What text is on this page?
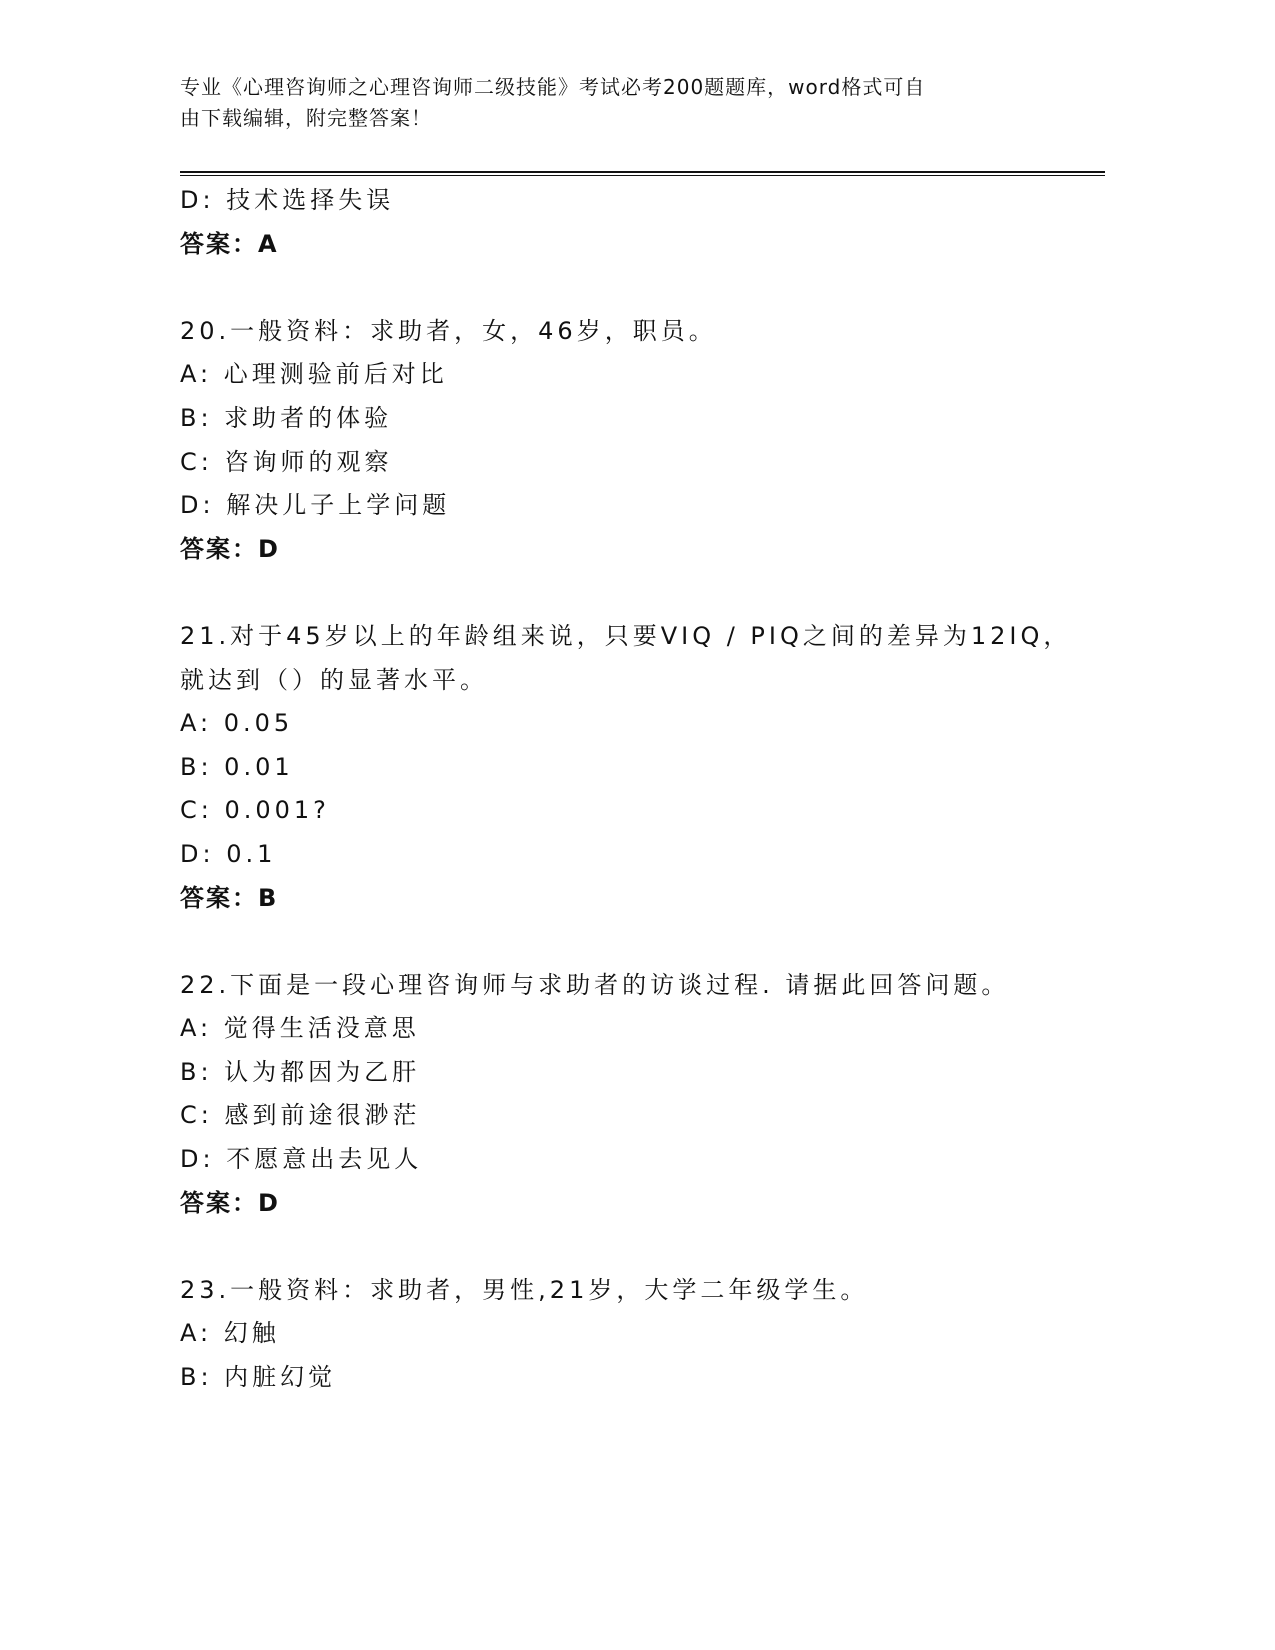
专业《心理咨询师之心理咨询师二级技能》考试必考200题题库，word格式可自
由下载编辑，附完整答案！
D: 技术选择失误
答案：A
20.一般资料：求助者，女，46岁，职员。
A: 心理测验前后对比
B: 求助者的体验
C: 咨询师的观察
D: 解决儿子上学问题
答案：D
21.对于45岁以上的年龄组来说，只要VIQ / PIQ之间的差异为12IQ，
就达到（）的显著水平。
A: 0.05
B: 0.01
C: 0.001?
D: 0.1
答案：B
22.下面是一段心理咨询师与求助者的访谈过程. 请据此回答问题。
A: 觉得生活没意思
B: 认为都因为乙肝
C: 感到前途很渺茫
D: 不愿意出去见人
答案：D
23.一般资料：求助者，男性,21岁，大学二年级学生。
A: 幻触
B: 内脏幻觉
